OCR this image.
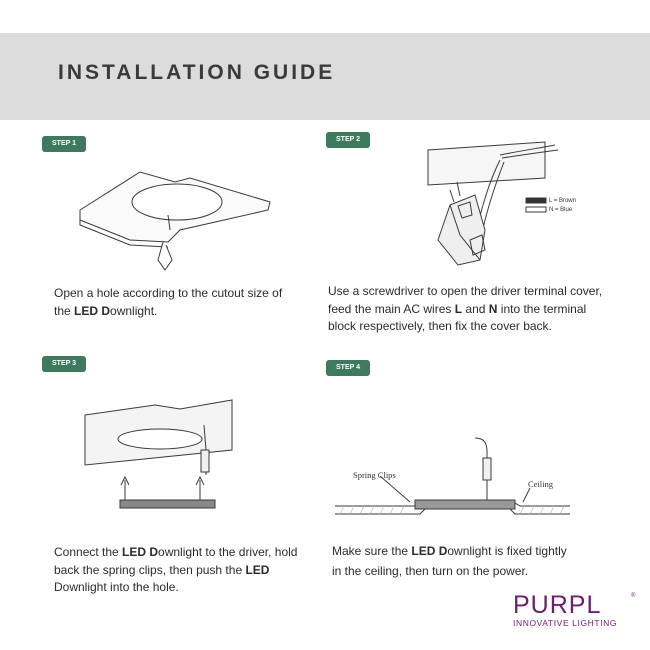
INSTALLATION GUIDE
STEP 1
Open a hole according to the cutout size of
the LED Downlight.
STEP 2
L = Brown
N = Blue
Use a screwdriver to open the driver terminal cover, feed the main AC wires L and N into the terminal block respectively, then fix the cover back.
STEP 3
Connect the LED Downlight to the driver, hold back the spring clips, then push the LED Downlight into the hole.
STEP 4
Spring Clips
Ceiling
Make sure the LED Downlight is fixed tightly in the ceiling, then turn on the power.
PURPL	®
INNOVATIVE LIGHTING
